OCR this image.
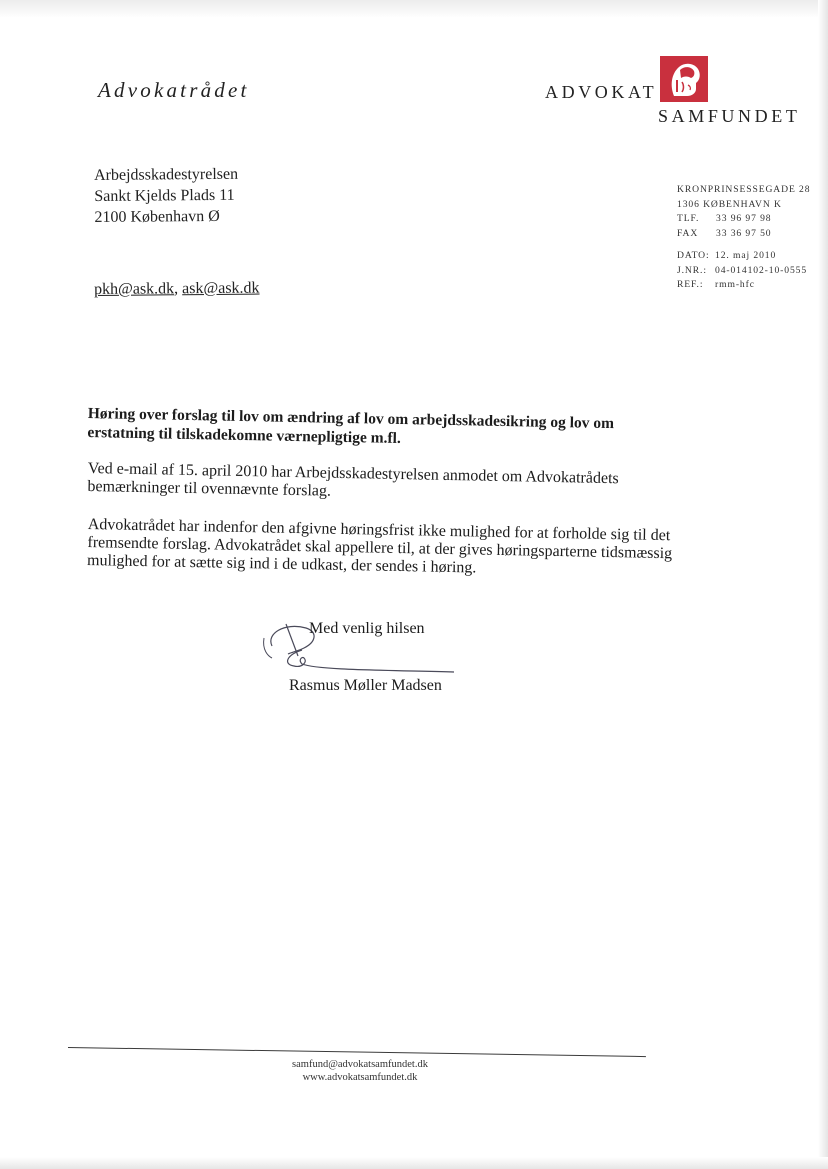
Advokatrådet	ADVOKAT
SAMFUNDET
Arbejdsskadestyrelsen
Sankt Kjelds Plads 11
2100 København Ø
pkh@ask.dk, ask@ask.dk
KRONPRINSESSEGADE 28
1306 KØBENHAVN K
TLF.	33 96 97 98
FAX	33 36 97 50
DATO: 12. maj 2010
J.NR.: 04-014102-10-0555
REF.:	rmm-hfc
Høring over forslag til lov om ændring af lov om arbejdsskadesikring og lov om erstatning til tilskadekomne værnepligtige m.fl.
Ved e-mail af 15. april 2010 har Arbejdsskadestyrelsen anmodet om Advokatrådets bemærkninger til ovennævnte forslag.
Advokatrådet har indenfor den afgivne høringsfrist ikke mulighed for at forholde sig til det fremsendte forslag. Advokatrådet skal appellere til, at der gives høringsparterne tidsmæssig mulighed for at sætte sig ind i de udkast, der sendes i høring.
Med venlig hilsen
Rasmus Møller Madsen
samfund@advokatsamfundet.dk
www.advokatsamfundet.dk
